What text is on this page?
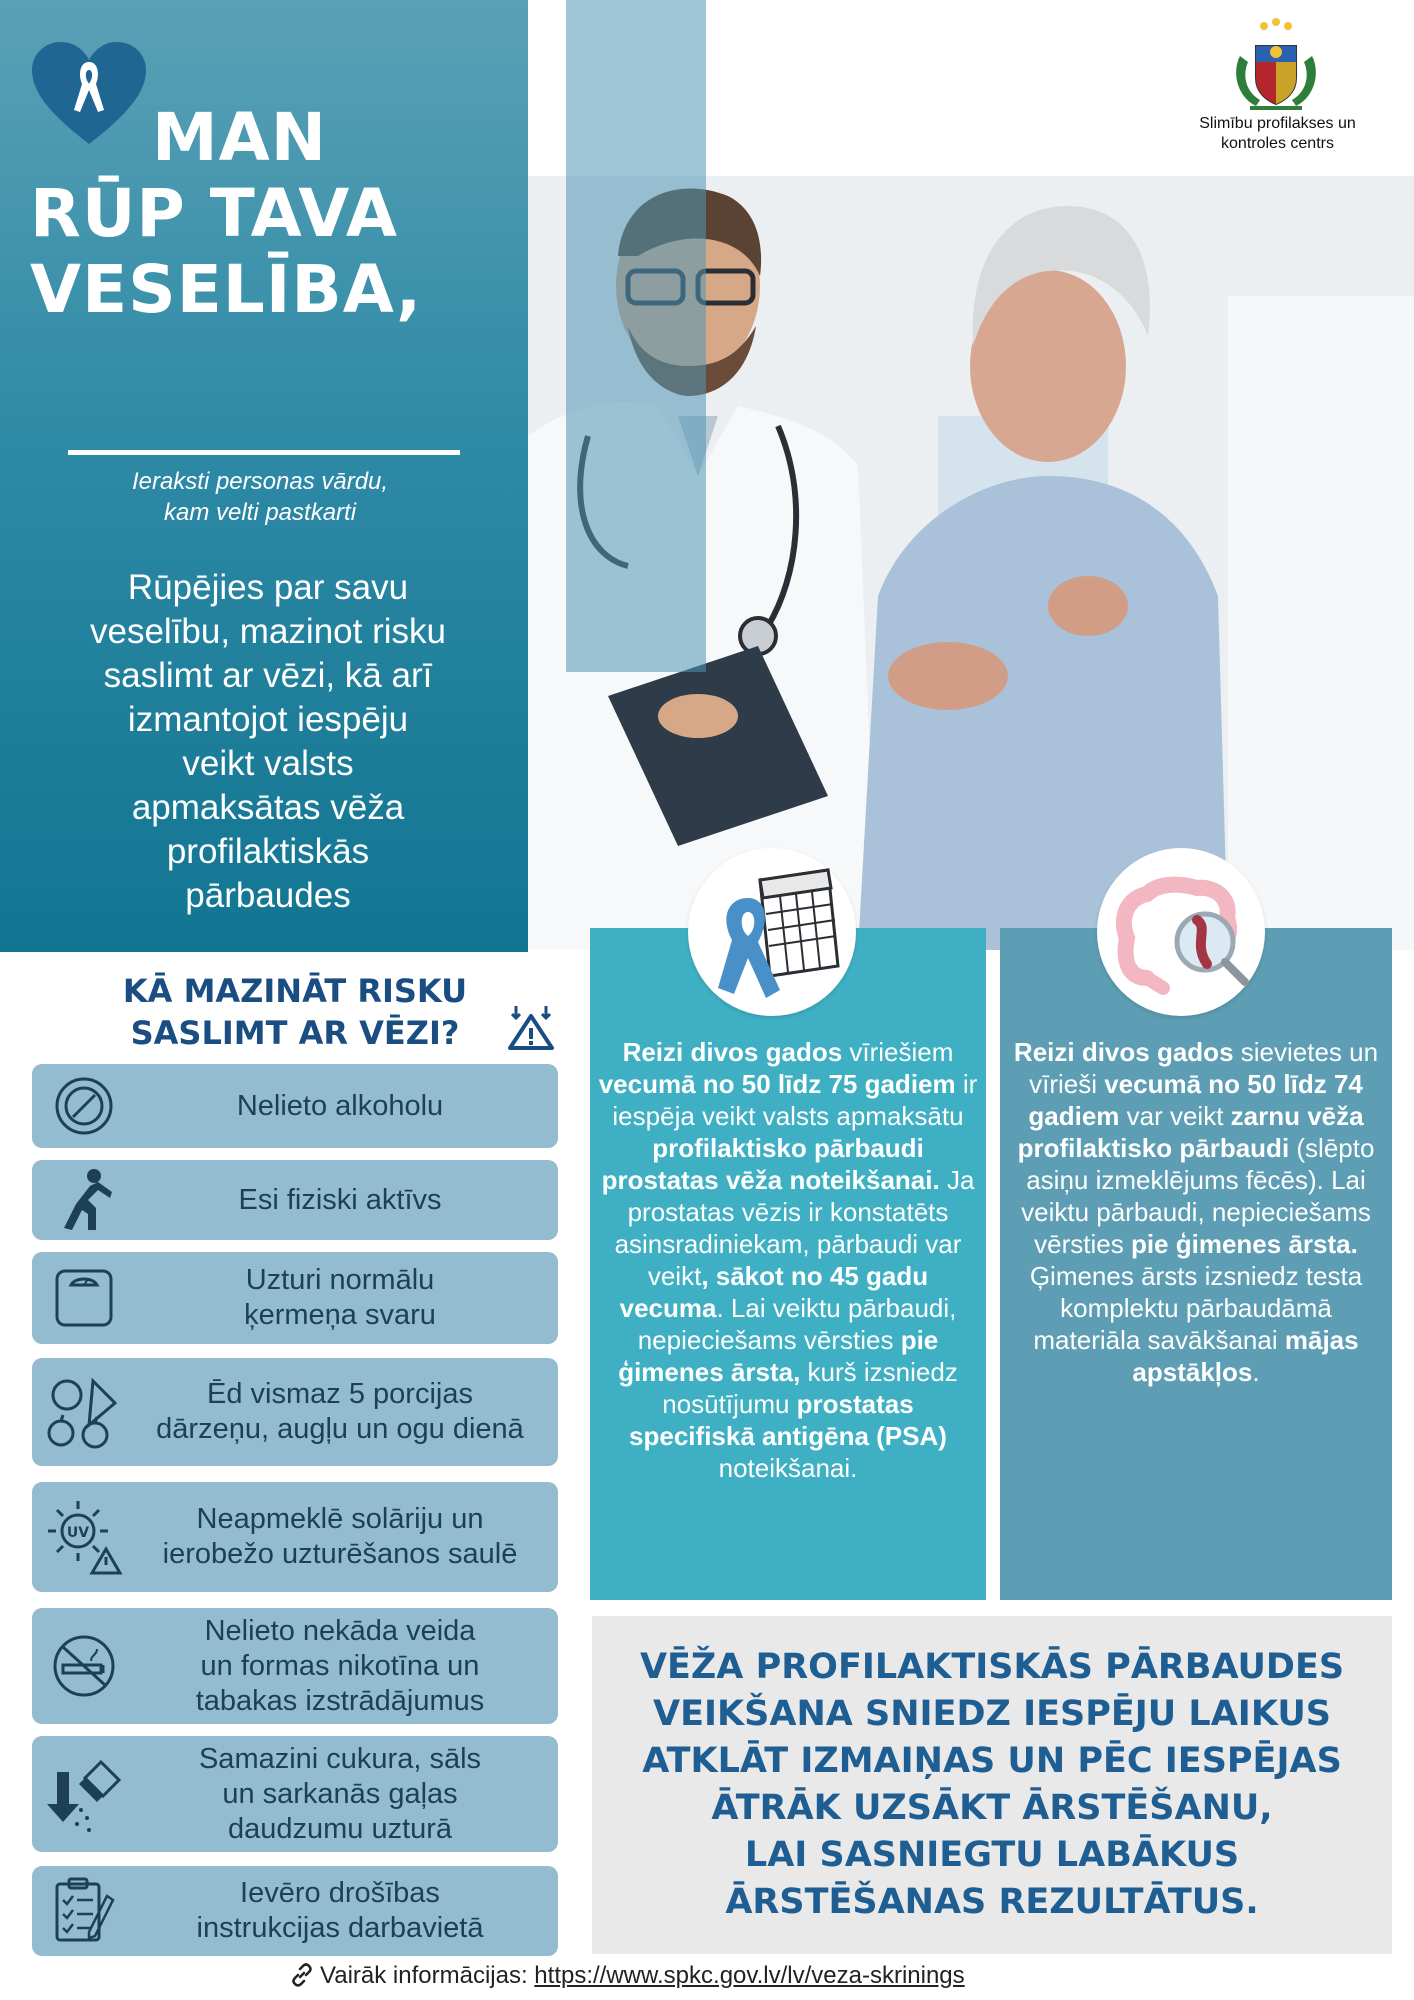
MAN
RŪP TAVA
VESELĪBA,
Ieraksti personas vārdu,
kam velti pastkarti
Rūpējies par savu
veselību, mazinot risku
saslimt ar vēzi, kā arī
izmantojot iespēju
veikt valsts
apmaksātas vēža
profilaktiskās
pārbaudes
Slimību profilakses un
kontroles centrs
KĀ MAZINĀT RISKU
SASLIMT AR VĒZI?
Nelieto alkoholu
Esi fiziski aktīvs
Uzturi normālu
ķermeņa svaru
Ēd vismaz 5 porcijas
dārzeņu, augļu un ogu dienā
UV	Neapmeklē solāriju un
ierobežo uzturēšanos saulē
Nelieto nekāda veida
un formas nikotīna un
tabakas izstrādājumus
Samazini cukura, sāls
un sarkanās gaļas
daudzumu uzturā
Ievēro drošības
instrukcijas darbavietā
Reizi divos gados vīriešiem vecumā no 50 līdz 75 gadiem ir iespēja veikt valsts apmaksātu profilaktisko pārbaudi prostatas vēža noteikšanai. Ja prostatas vēzis ir konstatēts asinsradiniekam, pārbaudi var veikt, sākot no 45 gadu vecuma. Lai veiktu pārbaudi, nepieciešams vērsties pie ģimenes ārsta, kurš izsniedz nosūtījumu prostatas specifiskā antigēna (PSA) noteikšanai.
Reizi divos gados sievietes un vīrieši vecumā no 50 līdz 74 gadiem var veikt zarnu vēža profilaktisko pārbaudi (slēpto asiņu izmeklējums fēcēs). Lai veiktu pārbaudi, nepieciešams vērsties pie ģimenes ārsta. Ģimenes ārsts izsniedz testa komplektu pārbaudāmā materiāla savākšanai mājas apstākļos.
VĒŽA PROFILAKTISKĀS PĀRBAUDES
VEIKŠANA SNIEDZ IESPĒJU LAIKUS
ATKLĀT IZMAIŅAS UN PĒC IESPĒJAS
ĀTRĀK UZSĀKT ĀRSTĒŠANU,
LAI SASNIEGTU LABĀKUS
ĀRSTĒŠANAS REZULTĀTUS.
Vairāk informācijas: https://www.spkc.gov.lv/lv/veza-skrinings
